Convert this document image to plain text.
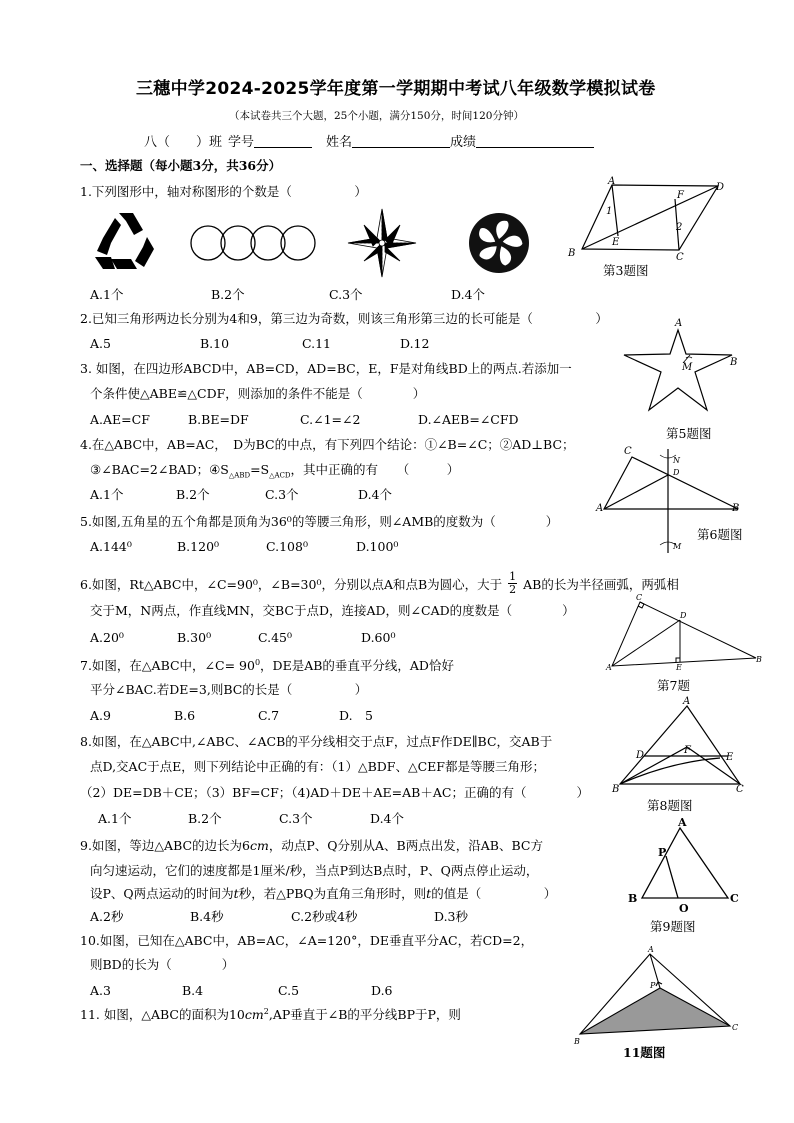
三穗中学2024-2025学年度第一学期期中考试八年级数学模拟试卷
（本试卷共三个大题，25个小题，满分150分，时间120分钟）
八（　　）班 学号	姓名	成绩
一、选择题（每小题3分，共36分）
1.下列图形中，轴对称图形的个数是（　　　　　）
A.1个	B.2个	C.3个	D.4个
A
D
B	C
E
F
1
2
第3题图
2.已知三角形两边长分别为4和9，第三边为奇数，则该三角形第三边的长可能是（　　　　　）
A.5	B.10	C.11	D.12
A
B
M
第5题图
3. 如图，在四边形ABCD中，AB=CD，AD=BC，E，F是对角线BD上的两点.若添加一
个条件使△ABE≌△CDF，则添加的条件不能是（　　　　）
A.AE=CF	B.BE=DF	C.∠1=∠2	D.∠AEB=∠CFD
4.在△ABC中，AB=AC，　D为BC的中点，有下列四个结论：①∠B=∠C；②AD⊥BC；
③∠BAC=2∠BAD；$④S_{\triangle ABD}=S_{\triangle ACD}$，其中正确的有　　（　　　）
A.1个	B.2个	C.3个	D.4个
C
N
D
A	B
M
第6题图
5.如图,五角星的五个角都是顶角为36⁰的等腰三角形，则∠AMB的度数为（　　　　）
A.144⁰	B.120⁰	C.108⁰	D.100⁰
6.如图，Rt△ABC中，∠C=90⁰，∠B=30⁰，分别以点A和点B为圆心，大于 $\frac{1}{2}$ AB的长为半径画弧，两弧相
交于M，N两点，作直线MN，交BC于点D，连接AD，则∠CAD的度数是（　　　　）
A.20⁰	B.30⁰	C.45⁰	D.60⁰
C
D
A	E
B
第7题
7.如图，在△ABC中，∠C= $90^0$，DE是AB的垂直平分线，AD恰好
平分∠BAC.若DE=3,则BC的长是（　　　　　）
A.9	B.6	C.7	D.　5
A
D	F
E
B	C
第8题图
8.如图，在△ABC中,∠ABC、∠ACB的平分线相交于点F，过点F作DE∥BC，交AB于
点D,交AC于点E，则下列结论中正确的有：（1）△BDF、△CEF都是等腰三角形；
（2）DE=DB＋CE；（3）BF=CF；（4)AD＋DE＋AE=AB＋AC；正确的有（　　　　）
A.1个	B.2个	C.3个	D.4个	A
P
B
O
C
第9题图
9.如图，等边△ABC的边长为6cm，动点P、Q分别从A、B两点出发，沿AB、BC方
向匀速运动，它们的速度都是1厘米/秒，当点P到达B点时，P、Q两点停止运动，
设P、Q两点运动的时间为t秒，若△PBQ为直角三角形时，则t的值是（　　　　　）
A.2秒	B.4秒	C.2秒或4秒	D.3秒
10.如图，已知在△ABC中，AB=AC，∠A=120°，DE垂直平分AC，若CD=2，
则BD的长为（　　　　）
A.3	B.4	C.5	D.6
11. 如图，△ABC的面积为$10cm^2,AP$垂直于∠B的平分线BP于P，则
A
P
B
C
11题图
